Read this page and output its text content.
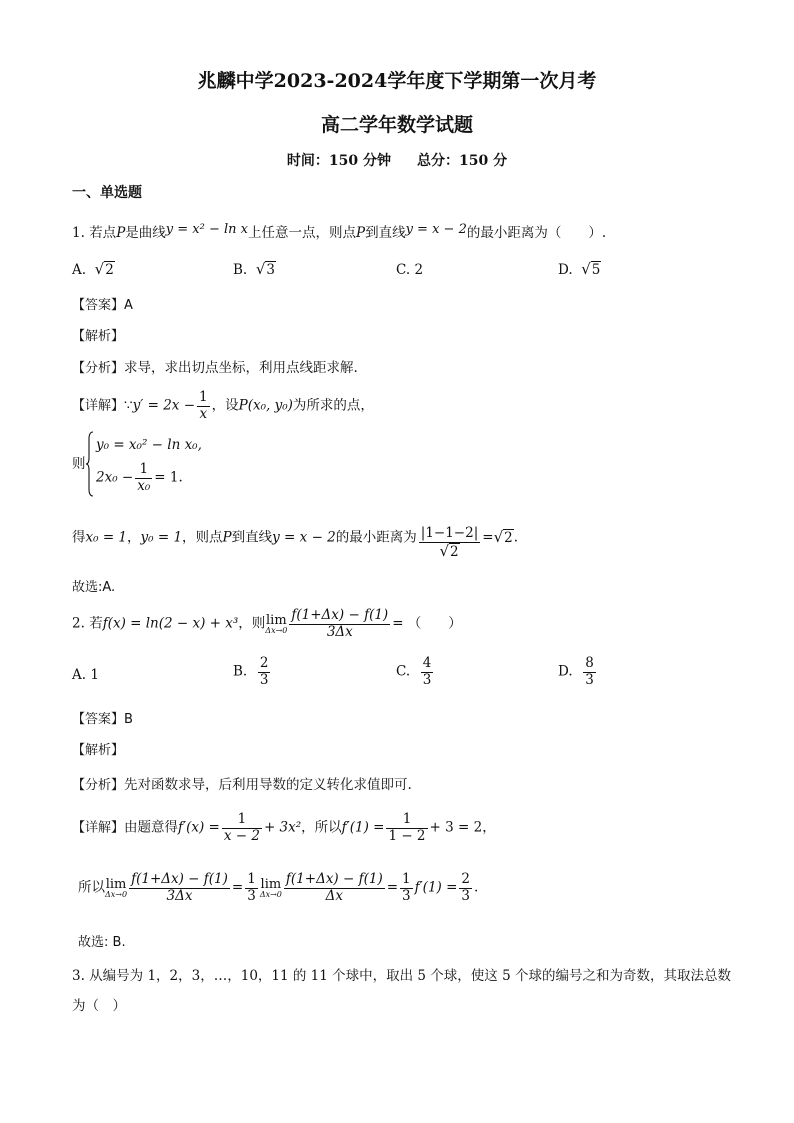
兆麟中学2023-2024学年度下学期第一次月考
高二学年数学试题
时间：150 分钟 总分：150 分
一、单选题
1. 若点P是曲线y = x² − ln x上任意一点，则点P到直线y = x − 2的最小距离为（　　）.
A. √2	B. √3	C. 2	D. √5
【答案】A
【解析】
【分析】求导，求出切点坐标，利用点线距求解.
【详解】∵y′ = $2x - \frac{1}{x}$ ，设P(x₀, y₀)为所求的点，
则
y₀ = x₀² − ln x₀,
$2x_0 - \frac{1}{\text{x₀}} = 1$.
得x₀ = 1，y₀ = 1，则点P到直线y = x − 2的最小距离为 $\frac{|1-1-2|}{√2} =√2$.
故选:A.
2. 若f(x) = ln(2 − x) + x³，则 lim
$\Delta x\to 0 \frac{f(1+\Delta x) - f(1)}{3\Delta x}$ = （　　）
A. 1	B. $\frac{2}{3}$	C. $\frac{4}{3}$	D. $\frac{8}{3}$
【答案】B
【解析】
【分析】先对函数求导，后利用导数的定义转化求值即可.
【详解】由题意得$f'(x) = \frac{1}{x - 2} + 3x^2$，所以$f'(1) = \frac{1}{1 - 2} + 3 = 2$，
所以 lim
$\Delta x\to 0 \frac{f(1+\Delta x) - f(1)}{3\Delta x} = \frac{1}{3}$ lim
$\Delta x\to 0 \frac{f(1+\Delta x) - f(1)}{\Delta x} = \frac{1}{3} f'(1) = \frac{2}{3}$ .
故选: B.
3. 从编号为 1，2，3，…，10，11 的 11 个球中，取出 5 个球，使这 5 个球的编号之和为奇数，其取法总数
为（　）
